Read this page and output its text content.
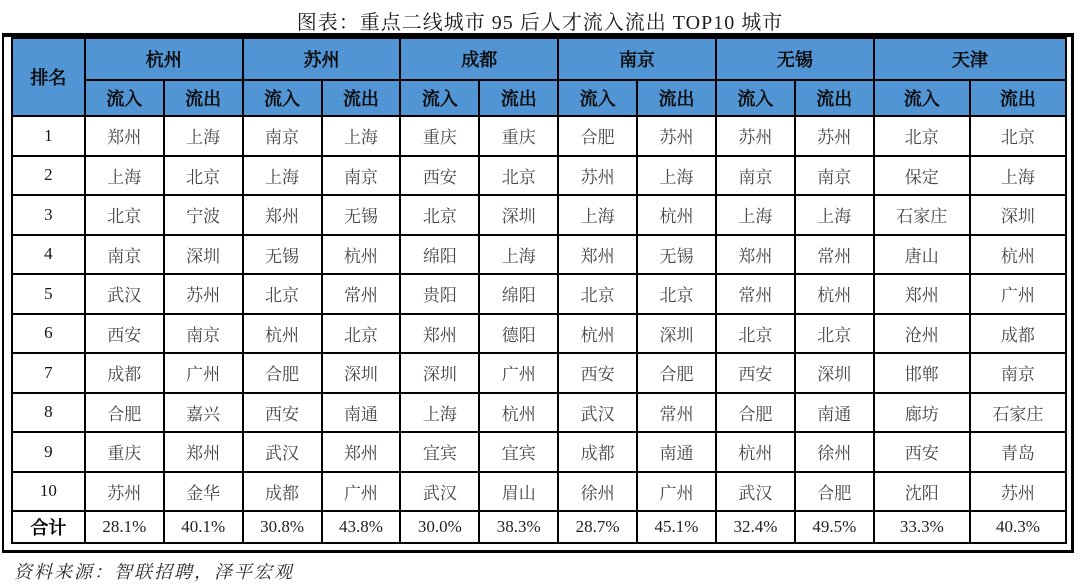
图表：重点二线城市 95 后人才流入流出 TOP10 城市
排名	杭州		苏州		成都		南京		无锡		天津	
	流入	流出	流入	流出	流入	流出	流入	流出	流入	流出	流入	流出
1	郑州	上海	南京	上海	重庆	重庆	合肥	苏州	苏州	苏州	北京	北京
2	上海	北京	上海	南京	西安	北京	苏州	上海	南京	南京	保定	上海
3	北京	宁波	郑州	无锡	北京	深圳	上海	杭州	上海	上海	石家庄	深圳
4	南京	深圳	无锡	杭州	绵阳	上海	郑州	无锡	郑州	常州	唐山	杭州
5	武汉	苏州	北京	常州	贵阳	绵阳	北京	北京	常州	杭州	郑州	广州
6	西安	南京	杭州	北京	郑州	德阳	杭州	深圳	北京	北京	沧州	成都
7	成都	广州	合肥	深圳	深圳	广州	西安	合肥	西安	深圳	邯郸	南京
8	合肥	嘉兴	西安	南通	上海	杭州	武汉	常州	合肥	南通	廊坊	石家庄
9	重庆	郑州	武汉	郑州	宜宾	宜宾	成都	南通	杭州	徐州	西安	青岛
10	苏州	金华	成都	广州	武汉	眉山	徐州	广州	武汉	合肥	沈阳	苏州
合计	28.1%	40.1%	30.8%	43.8%	30.0%	38.3%	28.7%	45.1%	32.4%	49.5%	33.3%	40.3%
资料来源：智联招聘，泽平宏观
